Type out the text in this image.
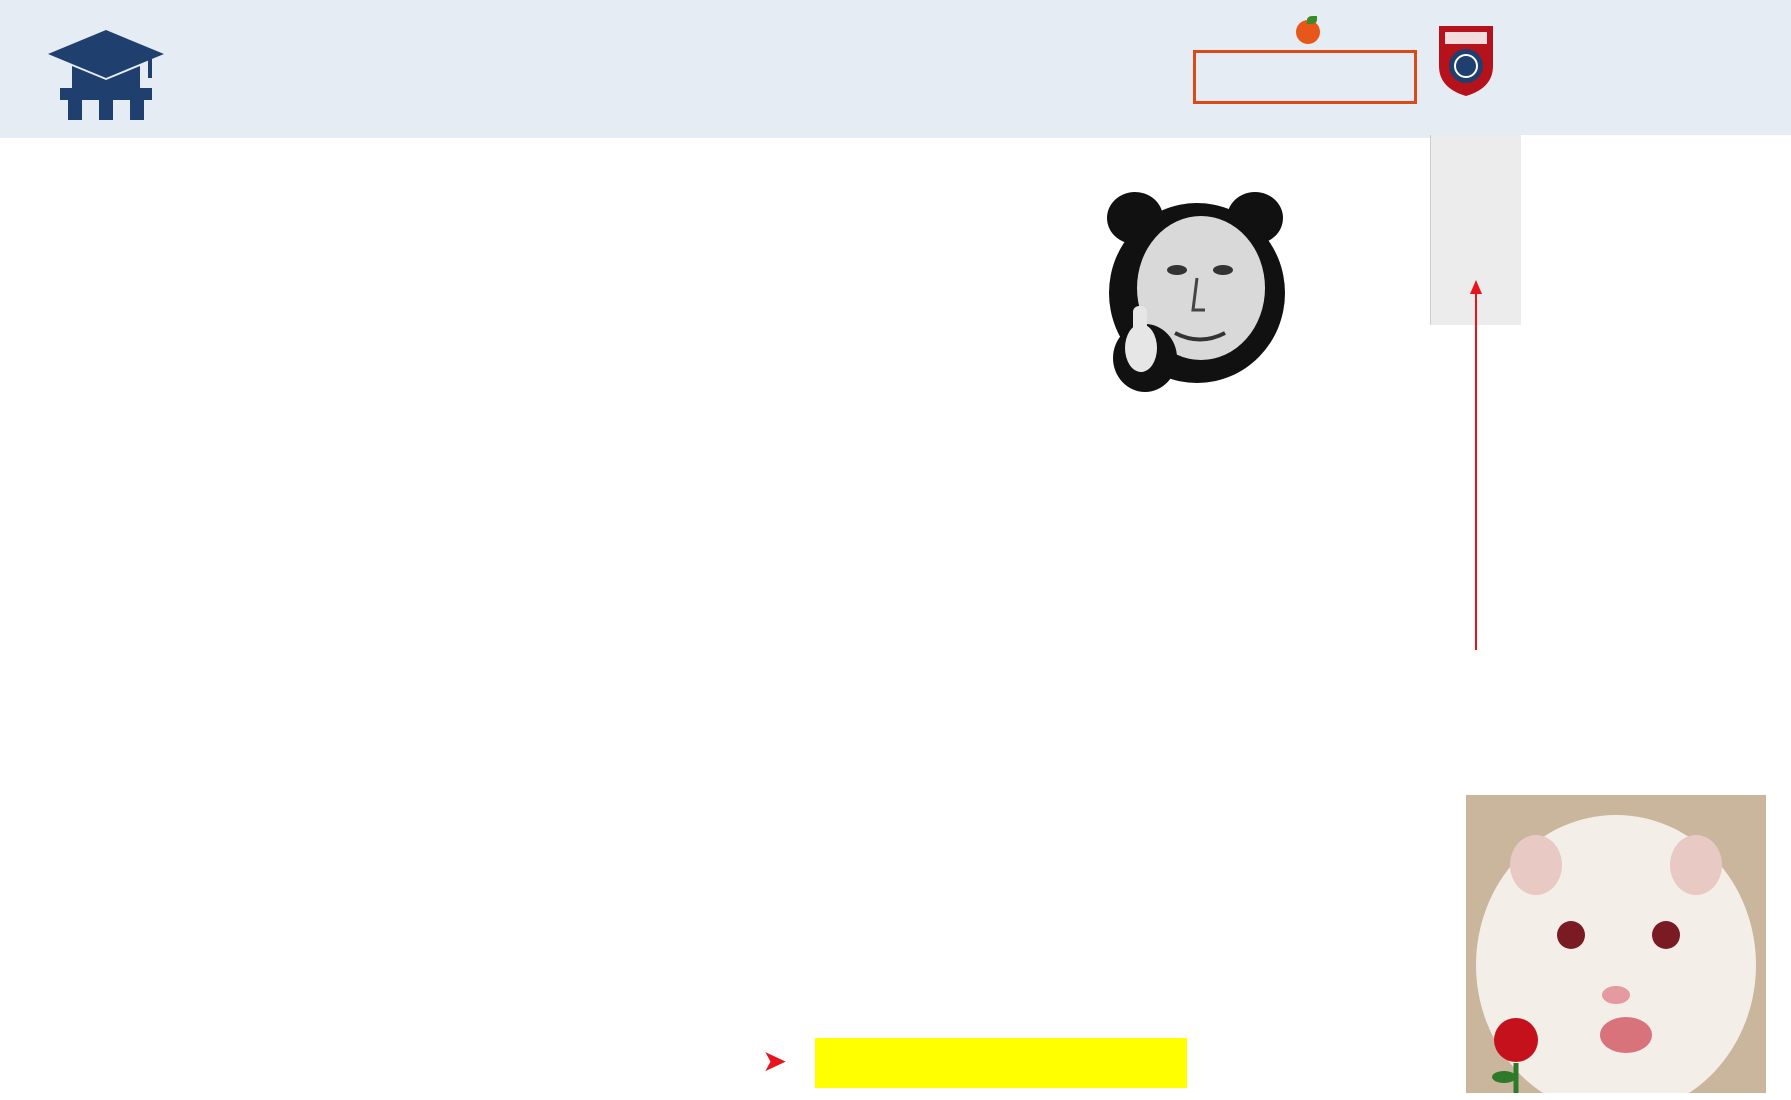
➤
